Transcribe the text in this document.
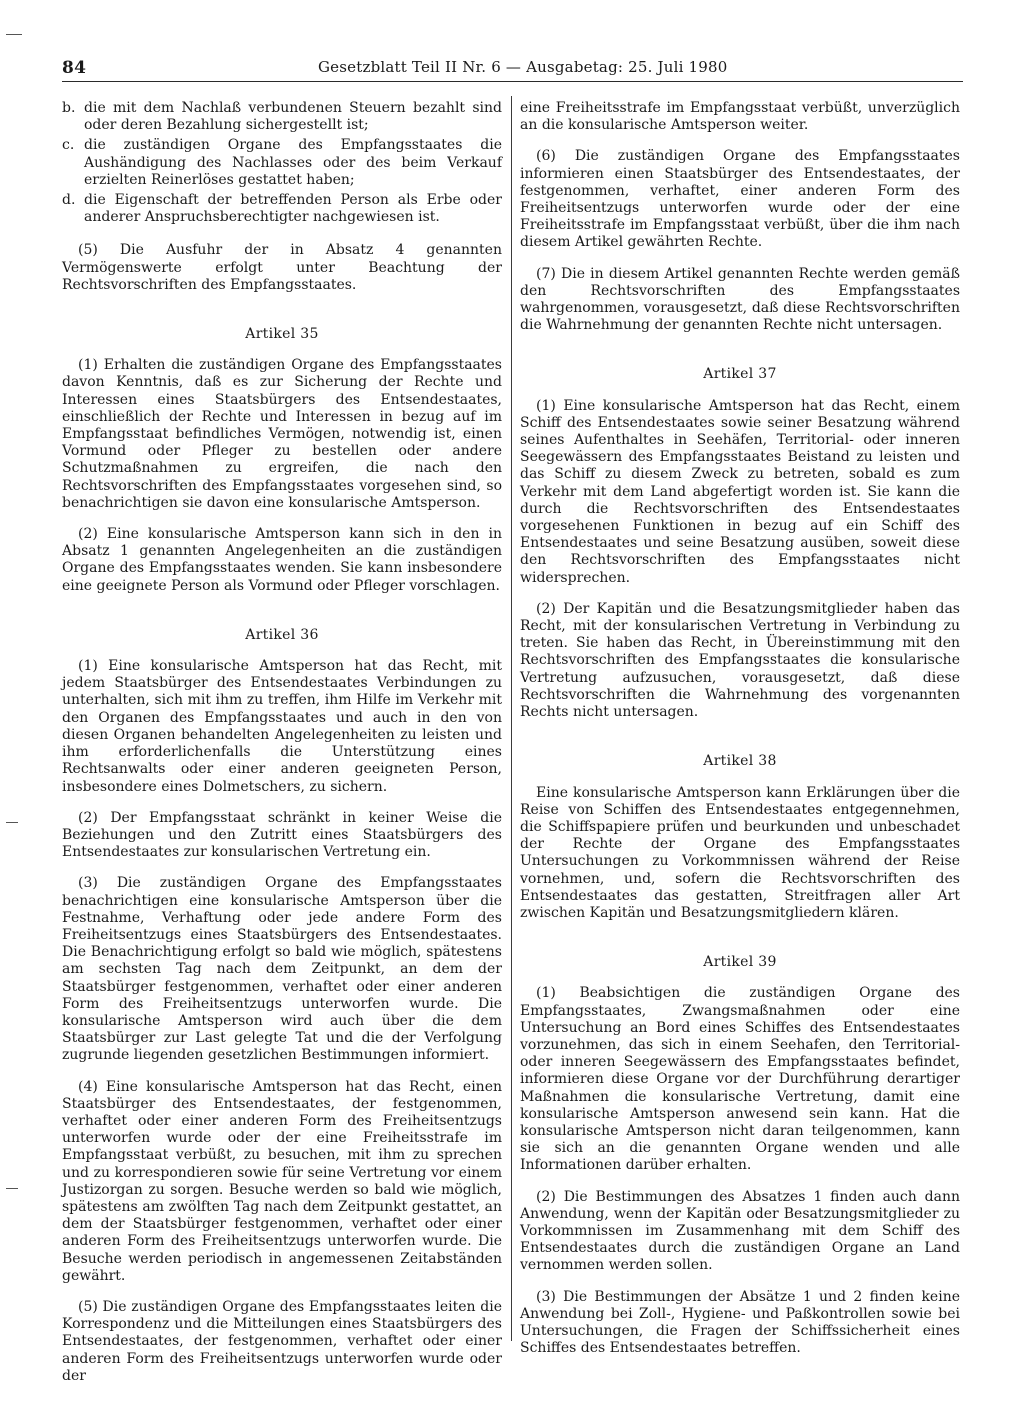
84	Gesetzblatt Teil II Nr. 6 — Ausgabetag: 25. Juli 1980
b. die mit dem Nachlaß verbundenen Steuern bezahlt sind oder deren Bezahlung sichergestellt ist;
c. die zuständigen Organe des Empfangsstaates die Aushändigung des Nachlasses oder des beim Verkauf erzielten Reinerlöses gestattet haben;
d. die Eigenschaft der betreffenden Person als Erbe oder anderer Anspruchsberechtigter nachgewiesen ist.

(5) Die Ausfuhr der in Absatz 4 genannten Vermögenswerte erfolgt unter Beachtung der Rechtsvorschriften des Empfangsstaates.

Artikel 35

(1) Erhalten die zuständigen Organe des Empfangsstaates davon Kenntnis, daß es zur Sicherung der Rechte und Interessen eines Staatsbürgers des Entsendestaates, einschließlich der Rechte und Interessen in bezug auf im Empfangsstaat befindliches Vermögen, notwendig ist, einen Vormund oder Pfleger zu bestellen oder andere Schutzmaßnahmen zu ergreifen, die nach den Rechtsvorschriften des Empfangsstaates vorgesehen sind, so benachrichtigen sie davon eine konsularische Amtsperson.

(2) Eine konsularische Amtsperson kann sich in den in Absatz 1 genannten Angelegenheiten an die zuständigen Organe des Empfangsstaates wenden. Sie kann insbesondere eine geeignete Person als Vormund oder Pfleger vorschlagen.

Artikel 36

(1) Eine konsularische Amtsperson hat das Recht, mit jedem Staatsbürger des Entsendestaates Verbindungen zu unterhalten, sich mit ihm zu treffen, ihm Hilfe im Verkehr mit den Organen des Empfangsstaates und auch in den von diesen Organen behandelten Angelegenheiten zu leisten und ihm erforderlichenfalls die Unterstützung eines Rechtsanwalts oder einer anderen geeigneten Person, insbesondere eines Dolmetschers, zu sichern.

(2) Der Empfangsstaat schränkt in keiner Weise die Beziehungen und den Zutritt eines Staatsbürgers des Entsendestaates zur konsularischen Vertretung ein.

(3) Die zuständigen Organe des Empfangsstaates benachrichtigen eine konsularische Amtsperson über die Festnahme, Verhaftung oder jede andere Form des Freiheitsentzugs eines Staatsbürgers des Entsendestaates. Die Benachrichtigung erfolgt so bald wie möglich, spätestens am sechsten Tag nach dem Zeitpunkt, an dem der Staatsbürger festgenommen, verhaftet oder einer anderen Form des Freiheitsentzugs unterworfen wurde. Die konsularische Amtsperson wird auch über die dem Staatsbürger zur Last gelegte Tat und die der Verfolgung zugrunde liegenden gesetzlichen Bestimmungen informiert.

(4) Eine konsularische Amtsperson hat das Recht, einen Staatsbürger des Entsendestaates, der festgenommen, verhaftet oder einer anderen Form des Freiheitsentzugs unterworfen wurde oder der eine Freiheitsstrafe im Empfangsstaat verbüßt, zu besuchen, mit ihm zu sprechen und zu korrespondieren sowie für seine Vertretung vor einem Justizorgan zu sorgen. Besuche werden so bald wie möglich, spätestens am zwölften Tag nach dem Zeitpunkt gestattet, an dem der Staatsbürger festgenommen, verhaftet oder einer anderen Form des Freiheitsentzugs unterworfen wurde. Die Besuche werden periodisch in angemessenen Zeitabständen gewährt.

(5) Die zuständigen Organe des Empfangsstaates leiten die Korrespondenz und die Mitteilungen eines Staatsbürgers des Entsendestaates, der festgenommen, verhaftet oder einer anderen Form des Freiheitsentzugs unterworfen wurde oder der

eine Freiheitsstrafe im Empfangsstaat verbüßt, unverzüglich an die konsularische Amtsperson weiter.

(6) Die zuständigen Organe des Empfangsstaates informieren einen Staatsbürger des Entsendestaates, der festgenommen, verhaftet, einer anderen Form des Freiheitsentzugs unterworfen wurde oder der eine Freiheitsstrafe im Empfangsstaat verbüßt, über die ihm nach diesem Artikel gewährten Rechte.

(7) Die in diesem Artikel genannten Rechte werden gemäß den Rechtsvorschriften des Empfangsstaates wahrgenommen, vorausgesetzt, daß diese Rechtsvorschriften die Wahrnehmung der genannten Rechte nicht untersagen.

Artikel 37

(1) Eine konsularische Amtsperson hat das Recht, einem Schiff des Entsendestaates sowie seiner Besatzung während seines Aufenthaltes in Seehäfen, Territorial- oder inneren Seegewässern des Empfangsstaates Beistand zu leisten und das Schiff zu diesem Zweck zu betreten, sobald es zum Verkehr mit dem Land abgefertigt worden ist. Sie kann die durch die Rechtsvorschriften des Entsendestaates vorgesehenen Funktionen in bezug auf ein Schiff des Entsendestaates und seine Besatzung ausüben, soweit diese den Rechtsvorschriften des Empfangsstaates nicht widersprechen.

(2) Der Kapitän und die Besatzungsmitglieder haben das Recht, mit der konsularischen Vertretung in Verbindung zu treten. Sie haben das Recht, in Übereinstimmung mit den Rechtsvorschriften des Empfangsstaates die konsularische Vertretung aufzusuchen, vorausgesetzt, daß diese Rechtsvorschriften die Wahrnehmung des vorgenannten Rechts nicht untersagen.

Artikel 38

Eine konsularische Amtsperson kann Erklärungen über die Reise von Schiffen des Entsendestaates entgegennehmen, die Schiffspapiere prüfen und beurkunden und unbeschadet der Rechte der Organe des Empfangsstaates Untersuchungen zu Vorkommnissen während der Reise vornehmen, und, sofern die Rechtsvorschriften des Entsendestaates das gestatten, Streitfragen aller Art zwischen Kapitän und Besatzungsmitgliedern klären.

Artikel 39

(1) Beabsichtigen die zuständigen Organe des Empfangsstaates, Zwangsmaßnahmen oder eine Untersuchung an Bord eines Schiffes des Entsendestaates vorzunehmen, das sich in einem Seehafen, den Territorial- oder inneren Seegewässern des Empfangsstaates befindet, informieren diese Organe vor der Durchführung derartiger Maßnahmen die konsularische Vertretung, damit eine konsularische Amtsperson anwesend sein kann. Hat die konsularische Amtsperson nicht daran teilgenommen, kann sie sich an die genannten Organe wenden und alle Informationen darüber erhalten.

(2) Die Bestimmungen des Absatzes 1 finden auch dann Anwendung, wenn der Kapitän oder Besatzungsmitglieder zu Vorkommnissen im Zusammenhang mit dem Schiff des Entsendestaates durch die zuständigen Organe an Land vernommen werden sollen.

(3) Die Bestimmungen der Absätze 1 und 2 finden keine Anwendung bei Zoll-, Hygiene- und Paßkontrollen sowie bei Untersuchungen, die Fragen der Schiffssicherheit eines Schiffes des Entsendestaates betreffen.
